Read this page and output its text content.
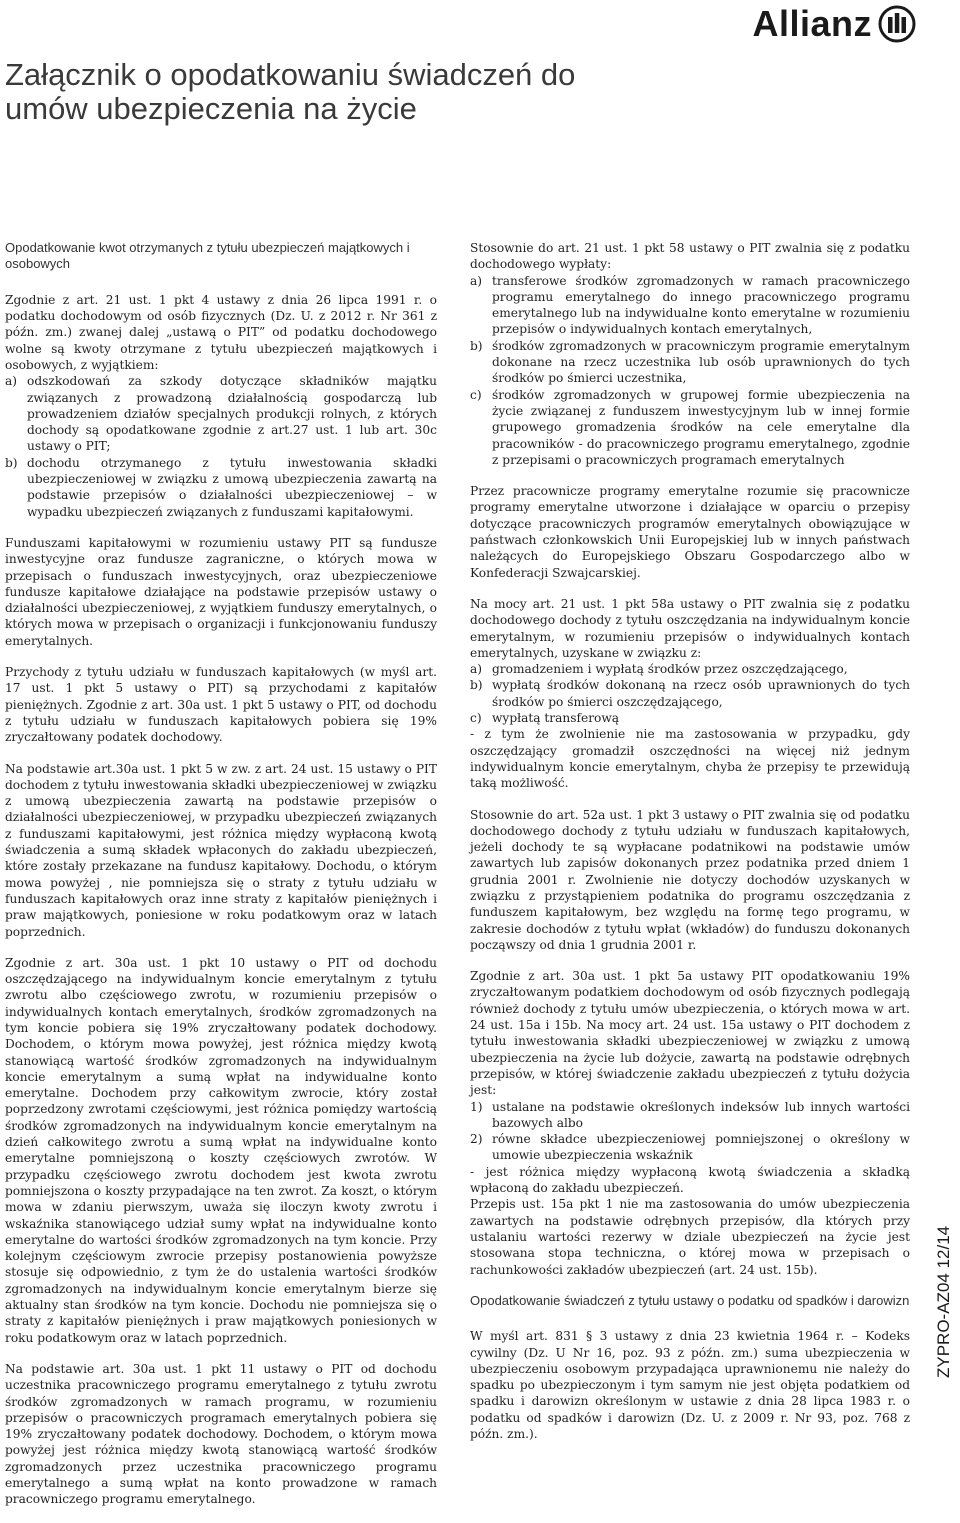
Allianz
Załącznik o opodatkowaniu świadczeń do umów ubezpieczenia na życie
Opodatkowanie kwot otrzymanych z tytułu ubezpieczeń majątkowych i osobowych

Zgodnie z art. 21 ust. 1 pkt 4 ustawy z dnia 26 lipca 1991 r. o podatku dochodowym od osób fizycznych (Dz. U. z 2012 r. Nr 361 z późn. zm.) zwanej dalej „ustawą o PIT” od podatku dochodowego wolne są kwoty otrzymane z tytułu ubezpieczeń majątkowych i osobowych, z wyjątkiem:

a) odszkodowań za szkody dotyczące składników majątku związanych z prowadzoną działalnością gospodarczą lub prowadzeniem działów specjalnych produkcji rolnych, z których dochody są opodatkowane zgodnie z art.27 ust. 1 lub art. 30c ustawy o PIT;
b) dochodu otrzymanego z tytułu inwestowania składki ubezpieczeniowej w związku z umową ubezpieczenia zawartą na podstawie przepisów o działalności ubezpieczeniowej – w wypadku ubezpieczeń związanych z funduszami kapitałowymi.

Funduszami kapitałowymi w rozumieniu ustawy PIT są fundusze inwestycyjne oraz fundusze zagraniczne, o których mowa w przepisach o funduszach inwestycyjnych, oraz ubezpieczeniowe fundusze kapitałowe działające na podstawie przepisów ustawy o działalności ubezpieczeniowej, z wyjątkiem funduszy emerytalnych, o których mowa w przepisach o organizacji i funkcjonowaniu funduszy emerytalnych.

Przychody z tytułu udziału w funduszach kapitałowych (w myśl art. 17 ust. 1 pkt 5 ustawy o PIT) są przychodami z kapitałów pieniężnych. Zgodnie z art. 30a ust. 1 pkt 5 ustawy o PIT, od dochodu z tytułu udziału w funduszach kapitałowych pobiera się 19% zryczałtowany podatek dochodowy.

Na podstawie art.30a ust. 1 pkt 5 w zw. z art. 24 ust. 15 ustawy o PIT dochodem z tytułu inwestowania składki ubezpieczeniowej w związku z umową ubezpieczenia zawartą na podstawie przepisów o działalności ubezpieczeniowej, w przypadku ubezpieczeń związanych z funduszami kapitałowymi, jest różnica między wypłaconą kwotą świadczenia a sumą składek wpłaconych do zakładu ubezpieczeń, które zostały przekazane na fundusz kapitałowy. Dochodu, o którym mowa powyżej , nie pomniejsza się o straty z tytułu udziału w funduszach kapitałowych oraz inne straty z kapitałów pieniężnych i praw majątkowych, poniesione w roku podatkowym oraz w latach poprzednich.

Zgodnie z art. 30a ust. 1 pkt 10 ustawy o PIT od dochodu oszczędzającego na indywidualnym koncie emerytalnym z tytułu zwrotu albo częściowego zwrotu, w rozumieniu przepisów o indywidualnych kontach emerytalnych, środków zgromadzonych na tym koncie pobiera się 19% zryczałtowany podatek dochodowy. Dochodem, o którym mowa powyżej, jest różnica między kwotą stanowiącą wartość środków zgromadzonych na indywidualnym koncie emerytalnym a sumą wpłat na indywidualne konto emerytalne. Dochodem przy całkowitym zwrocie, który został poprzedzony zwrotami częściowymi, jest różnica pomiędzy wartością środków zgromadzonych na indywidualnym koncie emerytalnym na dzień całkowitego zwrotu a sumą wpłat na indywidualne konto emerytalne pomniejszoną o koszty częściowych zwrotów. W przypadku częściowego zwrotu dochodem jest kwota zwrotu pomniejszona o koszty przypadające na ten zwrot. Za koszt, o którym mowa w zdaniu pierwszym, uważa się iloczyn kwoty zwrotu i wskaźnika stanowiącego udział sumy wpłat na indywidualne konto emerytalne do wartości środków zgromadzonych na tym koncie. Przy kolejnym częściowym zwrocie przepisy postanowienia powyższe stosuje się odpowiednio, z tym że do ustalenia wartości środków zgromadzonych na indywidualnym koncie emerytalnym bierze się aktualny stan środków na tym koncie. Dochodu nie pomniejsza się o straty z kapitałów pieniężnych i praw majątkowych poniesionych w roku podatkowym oraz w latach poprzednich.

Na podstawie art. 30a ust. 1 pkt 11 ustawy o PIT od dochodu uczestnika pracowniczego programu emerytalnego z tytułu zwrotu środków zgromadzonych w ramach programu, w rozumieniu przepisów o pracowniczych programach emerytalnych pobiera się 19% zryczałtowany podatek dochodowy. Dochodem, o którym mowa powyżej jest różnica między kwotą stanowiącą wartość środków zgromadzonych przez uczestnika pracowniczego programu emerytalnego a sumą wpłat na konto prowadzone w ramach pracowniczego programu emerytalnego.

Stosownie do art. 21 ust. 1 pkt 58 ustawy o PIT zwalnia się z podatku dochodowego wypłaty:

a) transferowe środków zgromadzonych w ramach pracowniczego programu emerytalnego do innego pracowniczego programu emerytalnego lub na indywidualne konto emerytalne w rozumieniu przepisów o indywidualnych kontach emerytalnych,
b) środków zgromadzonych w pracowniczym programie emerytalnym dokonane na rzecz uczestnika lub osób uprawnionych do tych środków po śmierci uczestnika,
c) środków zgromadzonych w grupowej formie ubezpieczenia na życie związanej z funduszem inwestycyjnym lub w innej formie grupowego gromadzenia środków na cele emerytalne dla pracowników - do pracowniczego programu emerytalnego, zgodnie z przepisami o pracowniczych programach emerytalnych

Przez pracownicze programy emerytalne rozumie się pracownicze programy emerytalne utworzone i działające w oparciu o przepisy dotyczące pracowniczych programów emerytalnych obowiązujące w państwach członkowskich Unii Europejskiej lub w innych państwach należących do Europejskiego Obszaru Gospodarczego albo w Konfederacji Szwajcarskiej.

Na mocy art. 21 ust. 1 pkt 58a ustawy o PIT zwalnia się z podatku dochodowego dochody z tytułu oszczędzania na indywidualnym koncie emerytalnym, w rozumieniu przepisów o indywidualnych kontach emerytalnych, uzyskane w związku z:

a) gromadzeniem i wypłatą środków przez oszczędzającego,
b) wypłatą środków dokonaną na rzecz osób uprawnionych do tych środków po śmierci oszczędzającego,
c) wypłatą transferową

- z tym że zwolnienie nie ma zastosowania w przypadku, gdy oszczędzający gromadził oszczędności na więcej niż jednym indywidualnym koncie emerytalnym, chyba że przepisy te przewidują taką możliwość.

Stosownie do art. 52a ust. 1 pkt 3 ustawy o PIT zwalnia się od podatku dochodowego dochody z tytułu udziału w funduszach kapitałowych, jeżeli dochody te są wypłacane podatnikowi na podstawie umów zawartych lub zapisów dokonanych przez podatnika przed dniem 1 grudnia 2001 r. Zwolnienie nie dotyczy dochodów uzyskanych w związku z przystąpieniem podatnika do programu oszczędzania z funduszem kapitałowym, bez względu na formę tego programu, w zakresie dochodów z tytułu wpłat (wkładów) do funduszu dokonanych począwszy od dnia 1 grudnia 2001 r.

Zgodnie z art. 30a ust. 1 pkt 5a ustawy PIT opodatkowaniu 19% zryczałtowanym podatkiem dochodowym od osób fizycznych podlegają również dochody z tytułu umów ubezpieczenia, o których mowa w art. 24 ust. 15a i 15b. Na mocy art. 24 ust. 15a ustawy o PIT dochodem z tytułu inwestowania składki ubezpieczeniowej w związku z umową ubezpieczenia na życie lub dożycie, zawartą na podstawie odrębnych przepisów, w której świadczenie zakładu ubezpieczeń z tytułu dożycia jest:

1) ustalane na podstawie określonych indeksów lub innych wartości bazowych albo
2) równe składce ubezpieczeniowej pomniejszonej o określony w umowie ubezpieczenia wskaźnik

- jest różnica między wypłaconą kwotą świadczenia a składką wpłaconą do zakładu ubezpieczeń.

Przepis ust. 15a pkt 1 nie ma zastosowania do umów ubezpieczenia zawartych na podstawie odrębnych przepisów, dla których przy ustalaniu wartości rezerwy w dziale ubezpieczeń na życie jest stosowana stopa techniczna, o której mowa w przepisach o rachunkowości zakładów ubezpieczeń (art. 24 ust. 15b).

Opodatkowanie świadczeń z tytułu ustawy o podatku od spadków i darowizn

W myśl art. 831 § 3 ustawy z dnia 23 kwietnia 1964 r. – Kodeks cywilny (Dz. U Nr 16, poz. 93 z późn. zm.) suma ubezpieczenia w ubezpieczeniu osobowym przypadająca uprawnionemu nie należy do spadku po ubezpieczonym i tym samym nie jest objęta podatkiem od spadku i darowizn określonym w ustawie z dnia 28 lipca 1983 r. o podatku od spadków i darowizn (Dz. U. z 2009 r. Nr 93, poz. 768 z późn. zm.).

ZYPRO-AZ04 12/14
